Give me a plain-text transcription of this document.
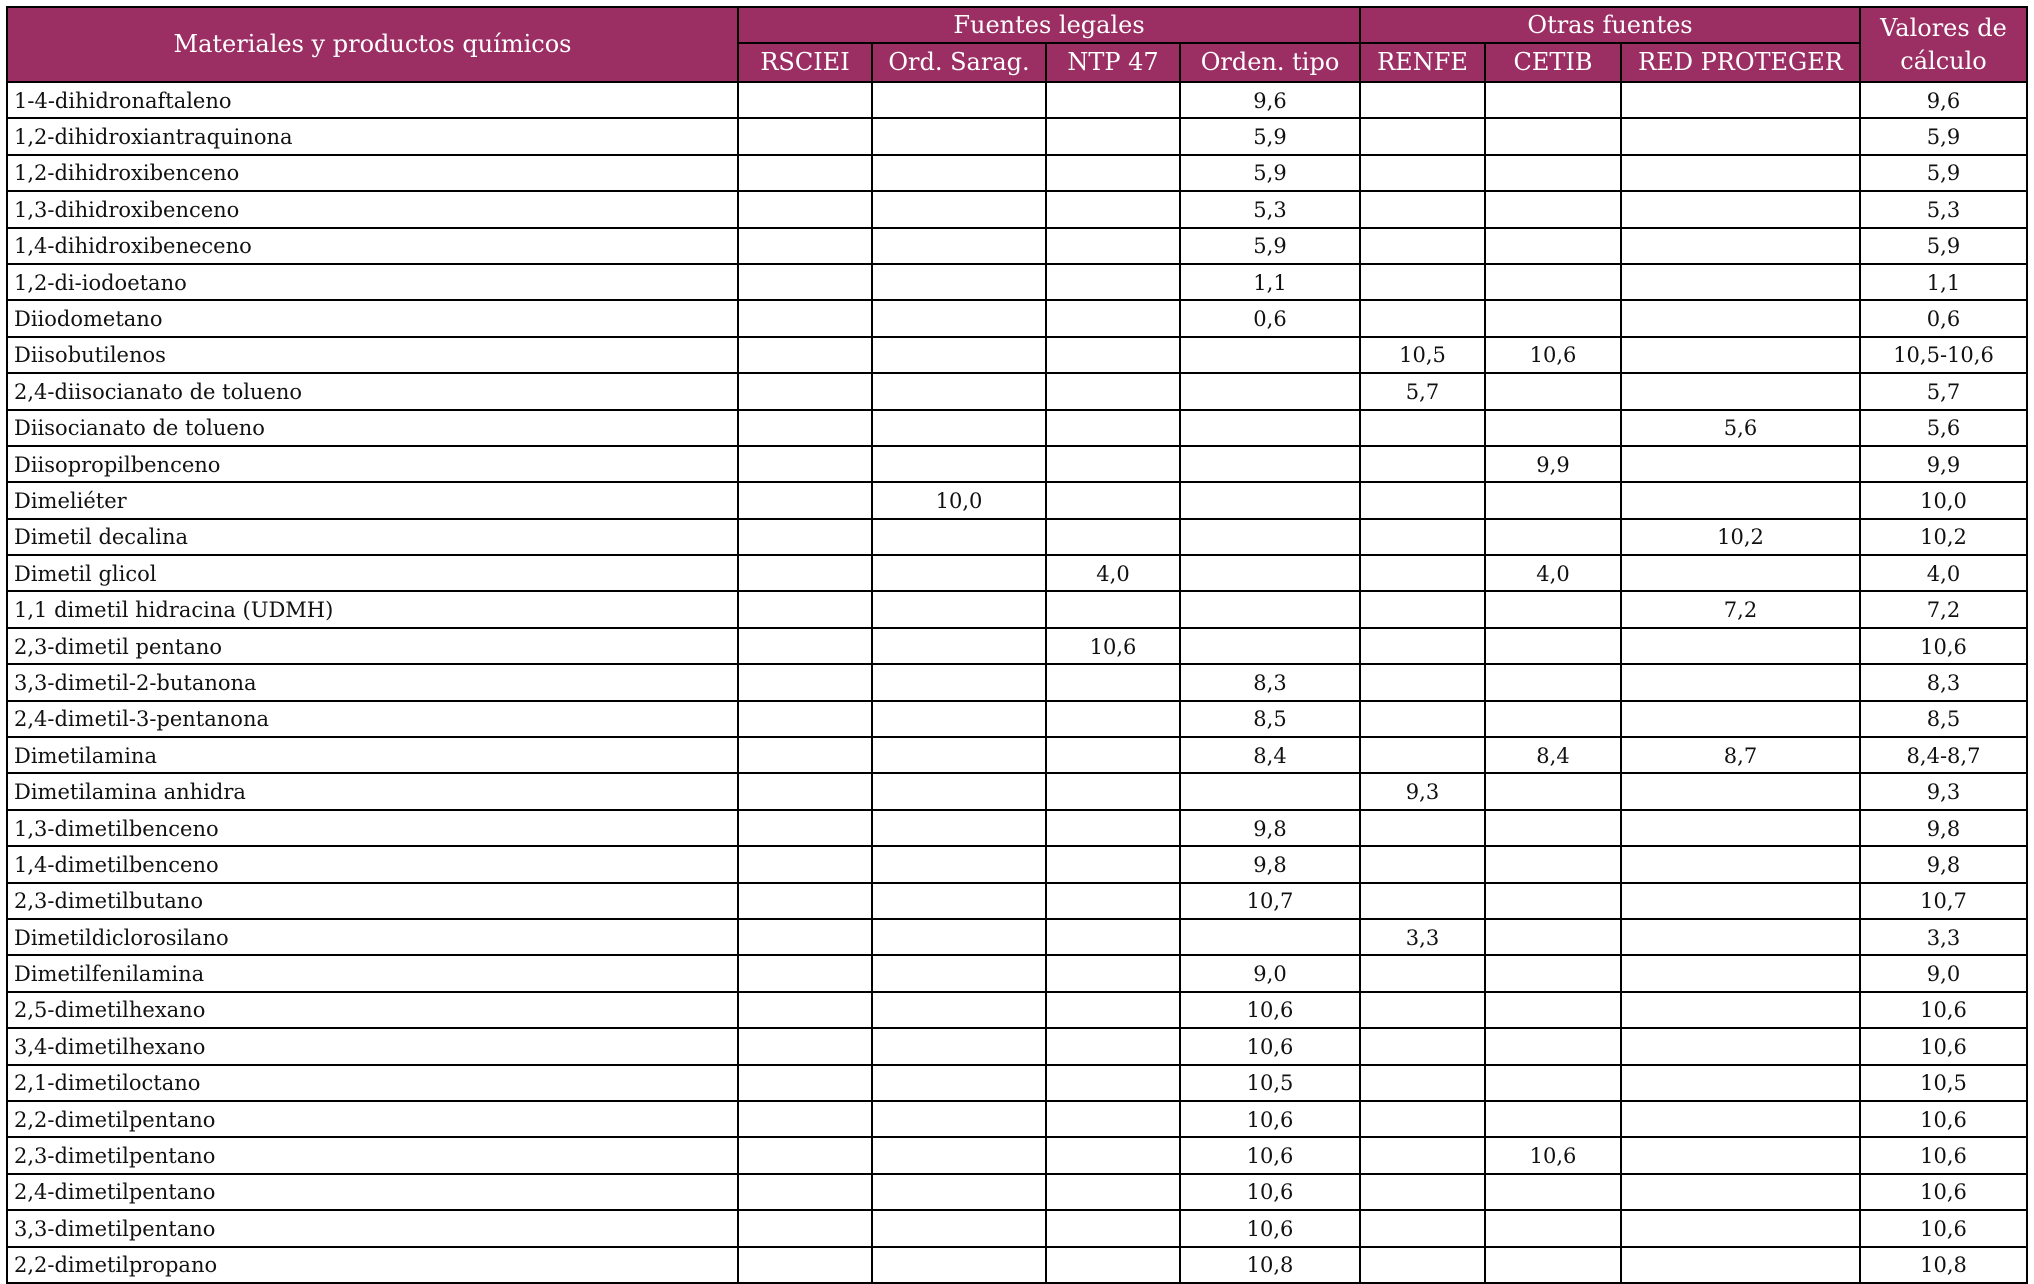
Materiales y productos químicos	Fuentes legales				Otras fuentes			Valores de cálculo
	RSCIEI	Ord. Sarag.	NTP 47	Orden. tipo	RENFE	CETIB	RED PROTEGER	
1-4-dihidronaftaleno				9,6				9,6
1,2-dihidroxiantraquinona				5,9				5,9
1,2-dihidroxibenceno				5,9				5,9
1,3-dihidroxibenceno				5,3				5,3
1,4-dihidroxibeneceno				5,9				5,9
1,2-di-iodoetano				1,1				1,1
Diiodometano				0,6				0,6
Diisobutilenos					10,5	10,6		10,5-10,6
2,4-diisocianato de tolueno					5,7			5,7
Diisocianato de tolueno							5,6	5,6
Diisopropilbenceno						9,9		9,9
Dimeliéter		10,0						10,0
Dimetil decalina							10,2	10,2
Dimetil glicol			4,0			4,0		4,0
1,1 dimetil hidracina (UDMH)							7,2	7,2
2,3-dimetil pentano			10,6					10,6
3,3-dimetil-2-butanona				8,3				8,3
2,4-dimetil-3-pentanona				8,5				8,5
Dimetilamina				8,4		8,4	8,7	8,4-8,7
Dimetilamina anhidra					9,3			9,3
1,3-dimetilbenceno				9,8				9,8
1,4-dimetilbenceno				9,8				9,8
2,3-dimetilbutano				10,7				10,7
Dimetildiclorosilano					3,3			3,3
Dimetilfenilamina				9,0				9,0
2,5-dimetilhexano				10,6				10,6
3,4-dimetilhexano				10,6				10,6
2,1-dimetiloctano				10,5				10,5
2,2-dimetilpentano				10,6				10,6
2,3-dimetilpentano				10,6		10,6		10,6
2,4-dimetilpentano				10,6				10,6
3,3-dimetilpentano				10,6				10,6
2,2-dimetilpropano				10,8				10,8
